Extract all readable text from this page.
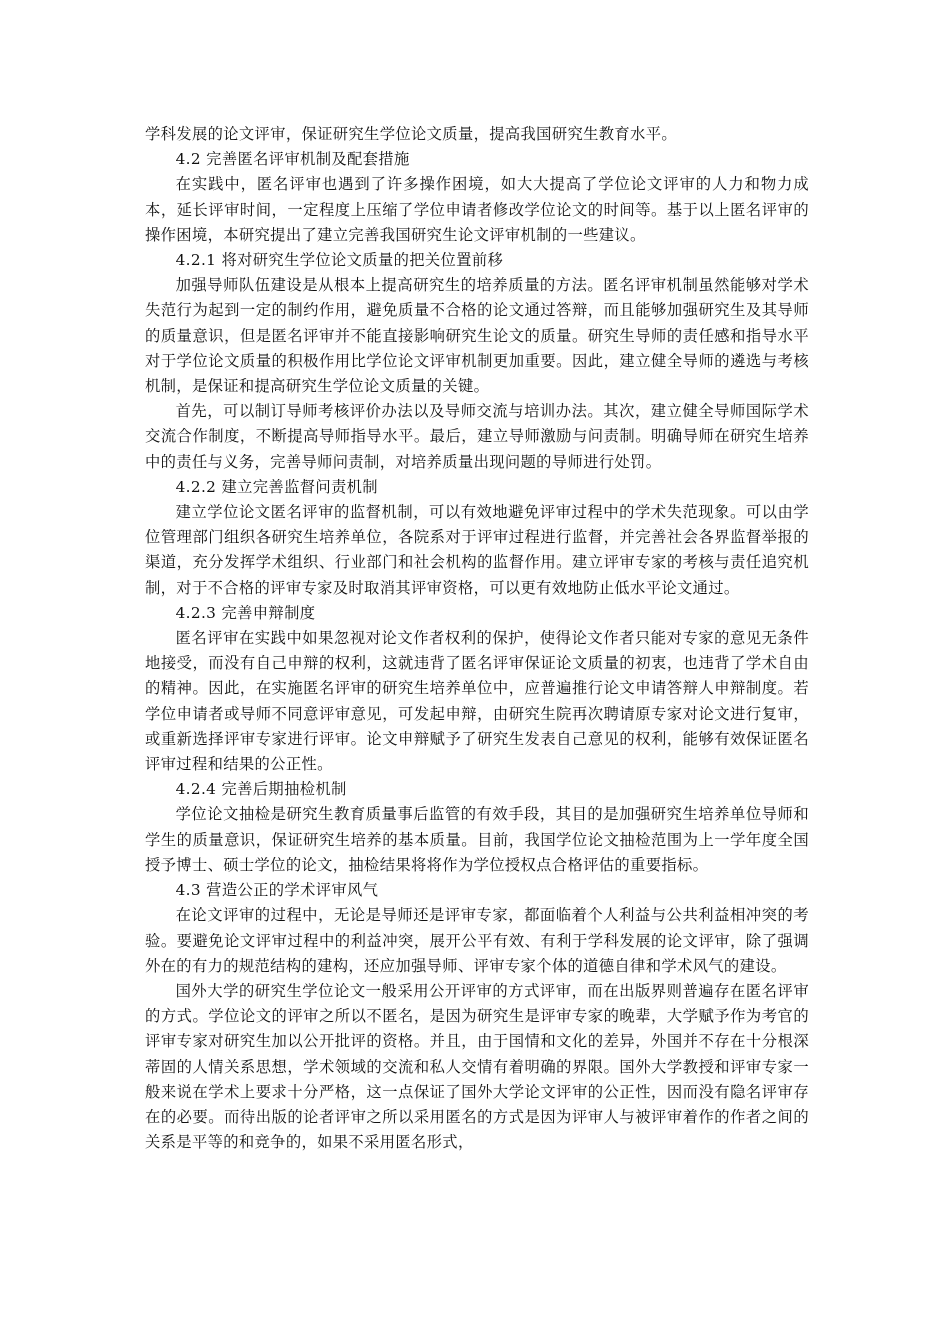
学科发展的论文评审，保证研究生学位论文质量，提高我国研究生教育水平。

4.2 完善匿名评审机制及配套措施

在实践中，匿名评审也遇到了许多操作困境，如大大提高了学位论文评审的人力和物力成本，延长评审时间，一定程度上压缩了学位申请者修改学位论文的时间等。基于以上匿名评审的操作困境，本研究提出了建立完善我国研究生论文评审机制的一些建议。

4.2.1 将对研究生学位论文质量的把关位置前移

加强导师队伍建设是从根本上提高研究生的培养质量的方法。匿名评审机制虽然能够对学术失范行为起到一定的制约作用，避免质量不合格的论文通过答辩，而且能够加强研究生及其导师的质量意识，但是匿名评审并不能直接影响研究生论文的质量。研究生导师的责任感和指导水平对于学位论文质量的积极作用比学位论文评审机制更加重要。因此，建立健全导师的遴选与考核机制，是保证和提高研究生学位论文质量的关键。

首先，可以制订导师考核评价办法以及导师交流与培训办法。其次，建立健全导师国际学术交流合作制度，不断提高导师指导水平。最后，建立导师激励与问责制。明确导师在研究生培养中的责任与义务，完善导师问责制，对培养质量出现问题的导师进行处罚。

4.2.2 建立完善监督问责机制

建立学位论文匿名评审的监督机制，可以有效地避免评审过程中的学术失范现象。可以由学位管理部门组织各研究生培养单位，各院系对于评审过程进行监督，并完善社会各界监督举报的渠道，充分发挥学术组织、行业部门和社会机构的监督作用。建立评审专家的考核与责任追究机制，对于不合格的评审专家及时取消其评审资格，可以更有效地防止低水平论文通过。

4.2.3 完善申辩制度

匿名评审在实践中如果忽视对论文作者权利的保护，使得论文作者只能对专家的意见无条件地接受，而没有自己申辩的权利，这就违背了匿名评审保证论文质量的初衷，也违背了学术自由的精神。因此，在实施匿名评审的研究生培养单位中，应普遍推行论文申请答辩人申辩制度。若学位申请者或导师不同意评审意见，可发起申辩，由研究生院再次聘请原专家对论文进行复审，或重新选择评审专家进行评审。论文申辩赋予了研究生发表自己意见的权利，能够有效保证匿名评审过程和结果的公正性。

4.2.4 完善后期抽检机制

学位论文抽检是研究生教育质量事后监管的有效手段，其目的是加强研究生培养单位导师和学生的质量意识，保证研究生培养的基本质量。目前，我国学位论文抽检范围为上一学年度全国授予博士、硕士学位的论文，抽检结果将将作为学位授权点合格评估的重要指标。

4.3 营造公正的学术评审风气

在论文评审的过程中，无论是导师还是评审专家，都面临着个人利益与公共利益相冲突的考验。要避免论文评审过程中的利益冲突，展开公平有效、有利于学科发展的论文评审，除了强调外在的有力的规范结构的建构，还应加强导师、评审专家个体的道德自律和学术风气的建设。

国外大学的研究生学位论文一般采用公开评审的方式评审，而在出版界则普遍存在匿名评审的方式。学位论文的评审之所以不匿名，是因为研究生是评审专家的晚辈，大学赋予作为考官的评审专家对研究生加以公开批评的资格。并且，由于国情和文化的差异，外国并不存在十分根深蒂固的人情关系思想，学术领域的交流和私人交情有着明确的界限。国外大学教授和评审专家一般来说在学术上要求十分严格，这一点保证了国外大学论文评审的公正性，因而没有隐名评审存在的必要。而待出版的论者评审之所以采用匿名的方式是因为评审人与被评审着作的作者之间的关系是平等的和竞争的，如果不采用匿名形式，
